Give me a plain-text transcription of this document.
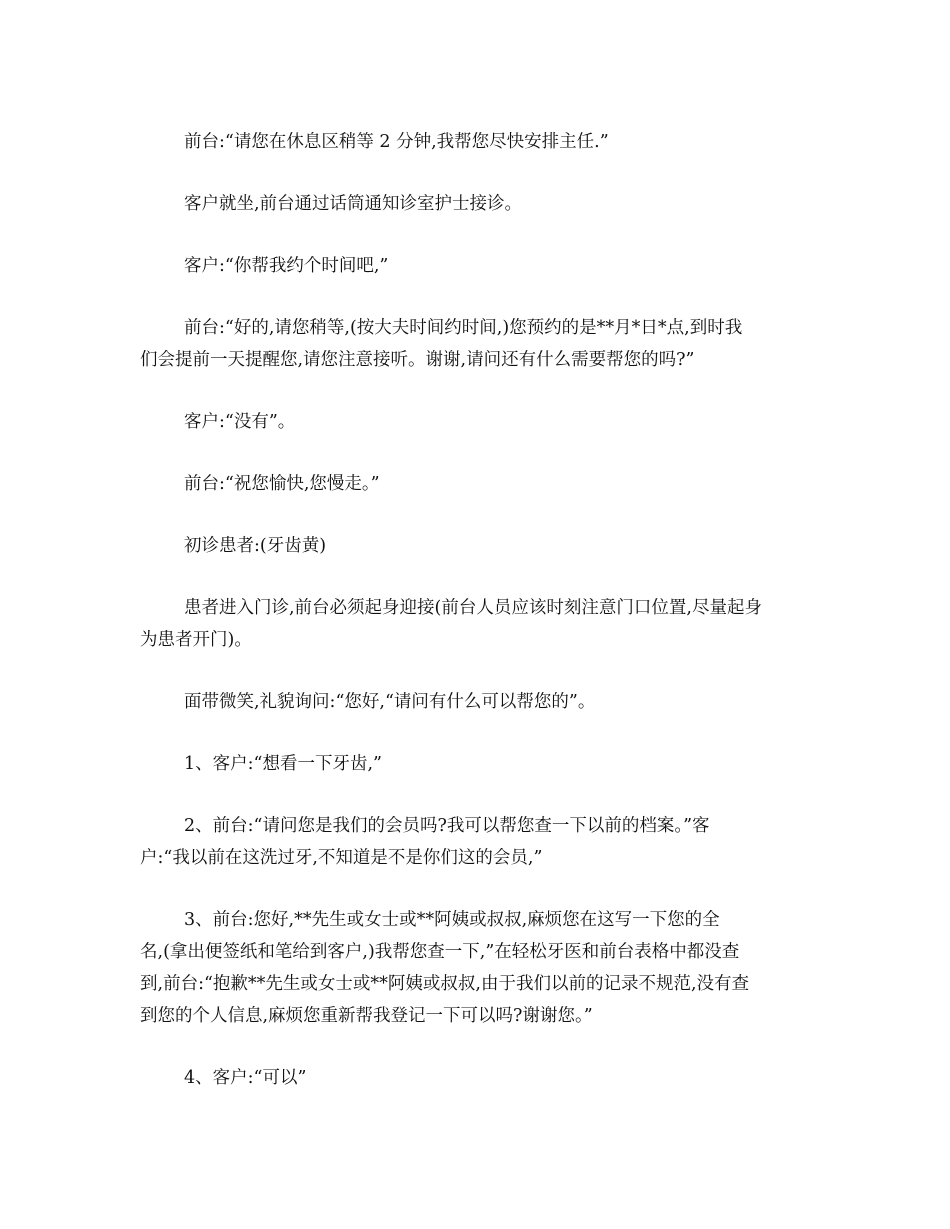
前台:“请您在休息区稍等 2 分钟,我帮您尽快安排主任.”

客户就坐,前台通过话筒通知诊室护士接诊。

客户:“你帮我约个时间吧,”

前台:“好的,请您稍等,(按大夫时间约时间,)您预约的是**月*日*点,到时我
们会提前一天提醒您,请您注意接听。谢谢,请问还有什么需要帮您的吗?”

客户:“没有”。

前台:“祝您愉快,您慢走。”

初诊患者:(牙齿黄)

患者进入门诊,前台必须起身迎接(前台人员应该时刻注意门口位置,尽量起身
为患者开门)。

面带微笑,礼貌询问:“您好,“请问有什么可以帮您的”。

1、客户:“想看一下牙齿,”

2、前台:“请问您是我们的会员吗?我可以帮您查一下以前的档案。”客
户:“我以前在这洗过牙,不知道是不是你们这的会员,”

3、前台:您好,**先生或女士或**阿姨或叔叔,麻烦您在这写一下您的全
名,(拿出便签纸和笔给到客户,)我帮您查一下,”在轻松牙医和前台表格中都没查
到,前台:“抱歉**先生或女士或**阿姨或叔叔,由于我们以前的记录不规范,没有查
到您的个人信息,麻烦您重新帮我登记一下可以吗?谢谢您。”

4、客户:“可以”
